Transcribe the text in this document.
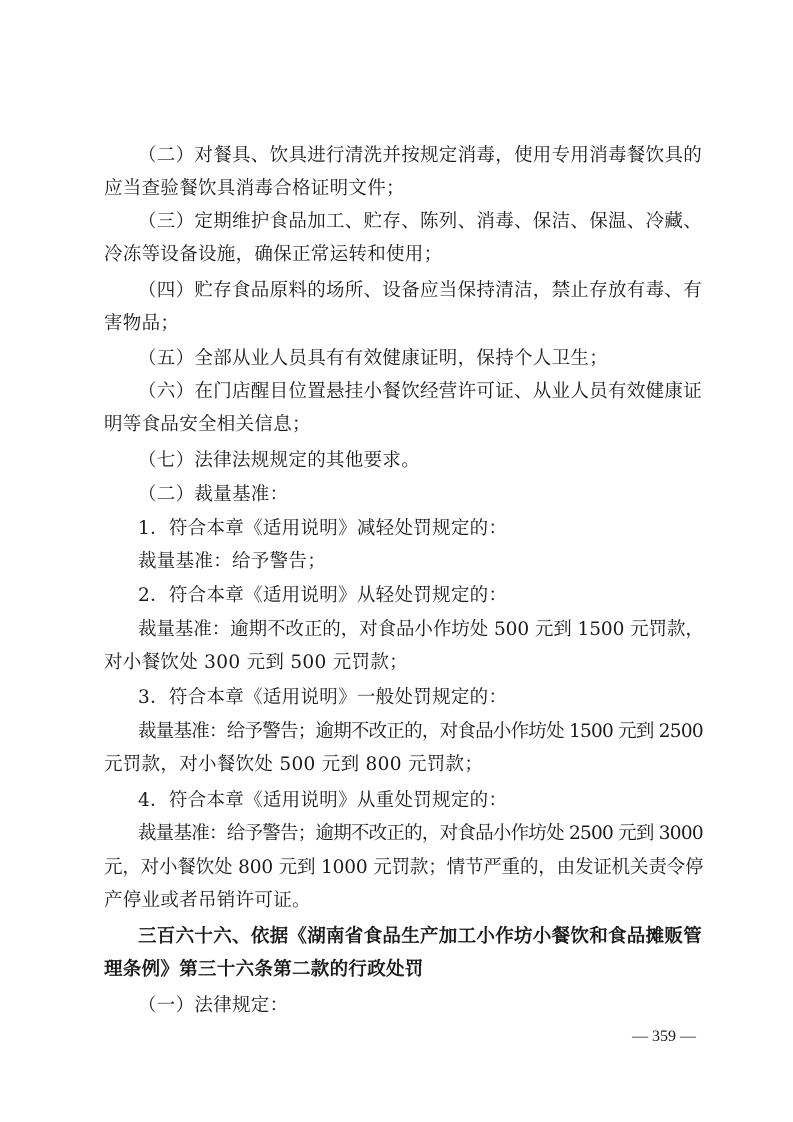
（二）对餐具、饮具进行清洗并按规定消毒，使用专用消毒餐饮具的
应当查验餐饮具消毒合格证明文件；
（三）定期维护食品加工、贮存、陈列、消毒、保洁、保温、冷藏、
冷冻等设备设施，确保正常运转和使用；
（四）贮存食品原料的场所、设备应当保持清洁，禁止存放有毒、有
害物品；
（五）全部从业人员具有有效健康证明，保持个人卫生；
（六）在门店醒目位置悬挂小餐饮经营许可证、从业人员有效健康证
明等食品安全相关信息；
（七）法律法规规定的其他要求。
（二）裁量基准：
1．符合本章《适用说明》减轻处罚规定的：
裁量基准：给予警告；
2．符合本章《适用说明》从轻处罚规定的：
裁量基准：逾期不改正的，对食品小作坊处 500 元到 1500 元罚款，
对小餐饮处 300 元到 500 元罚款；
3．符合本章《适用说明》一般处罚规定的：
裁量基准：给予警告；逾期不改正的，对食品小作坊处 1500 元到 2500
元罚款，对小餐饮处 500 元到 800 元罚款；
4．符合本章《适用说明》从重处罚规定的：
裁量基准：给予警告；逾期不改正的，对食品小作坊处 2500 元到 3000
元，对小餐饮处 800 元到 1000 元罚款；情节严重的，由发证机关责令停
产停业或者吊销许可证。
三百六十六、依据《湖南省食品生产加工小作坊小餐饮和食品摊贩管
理条例》第三十六条第二款的行政处罚
（一）法律规定：
— 359 —
